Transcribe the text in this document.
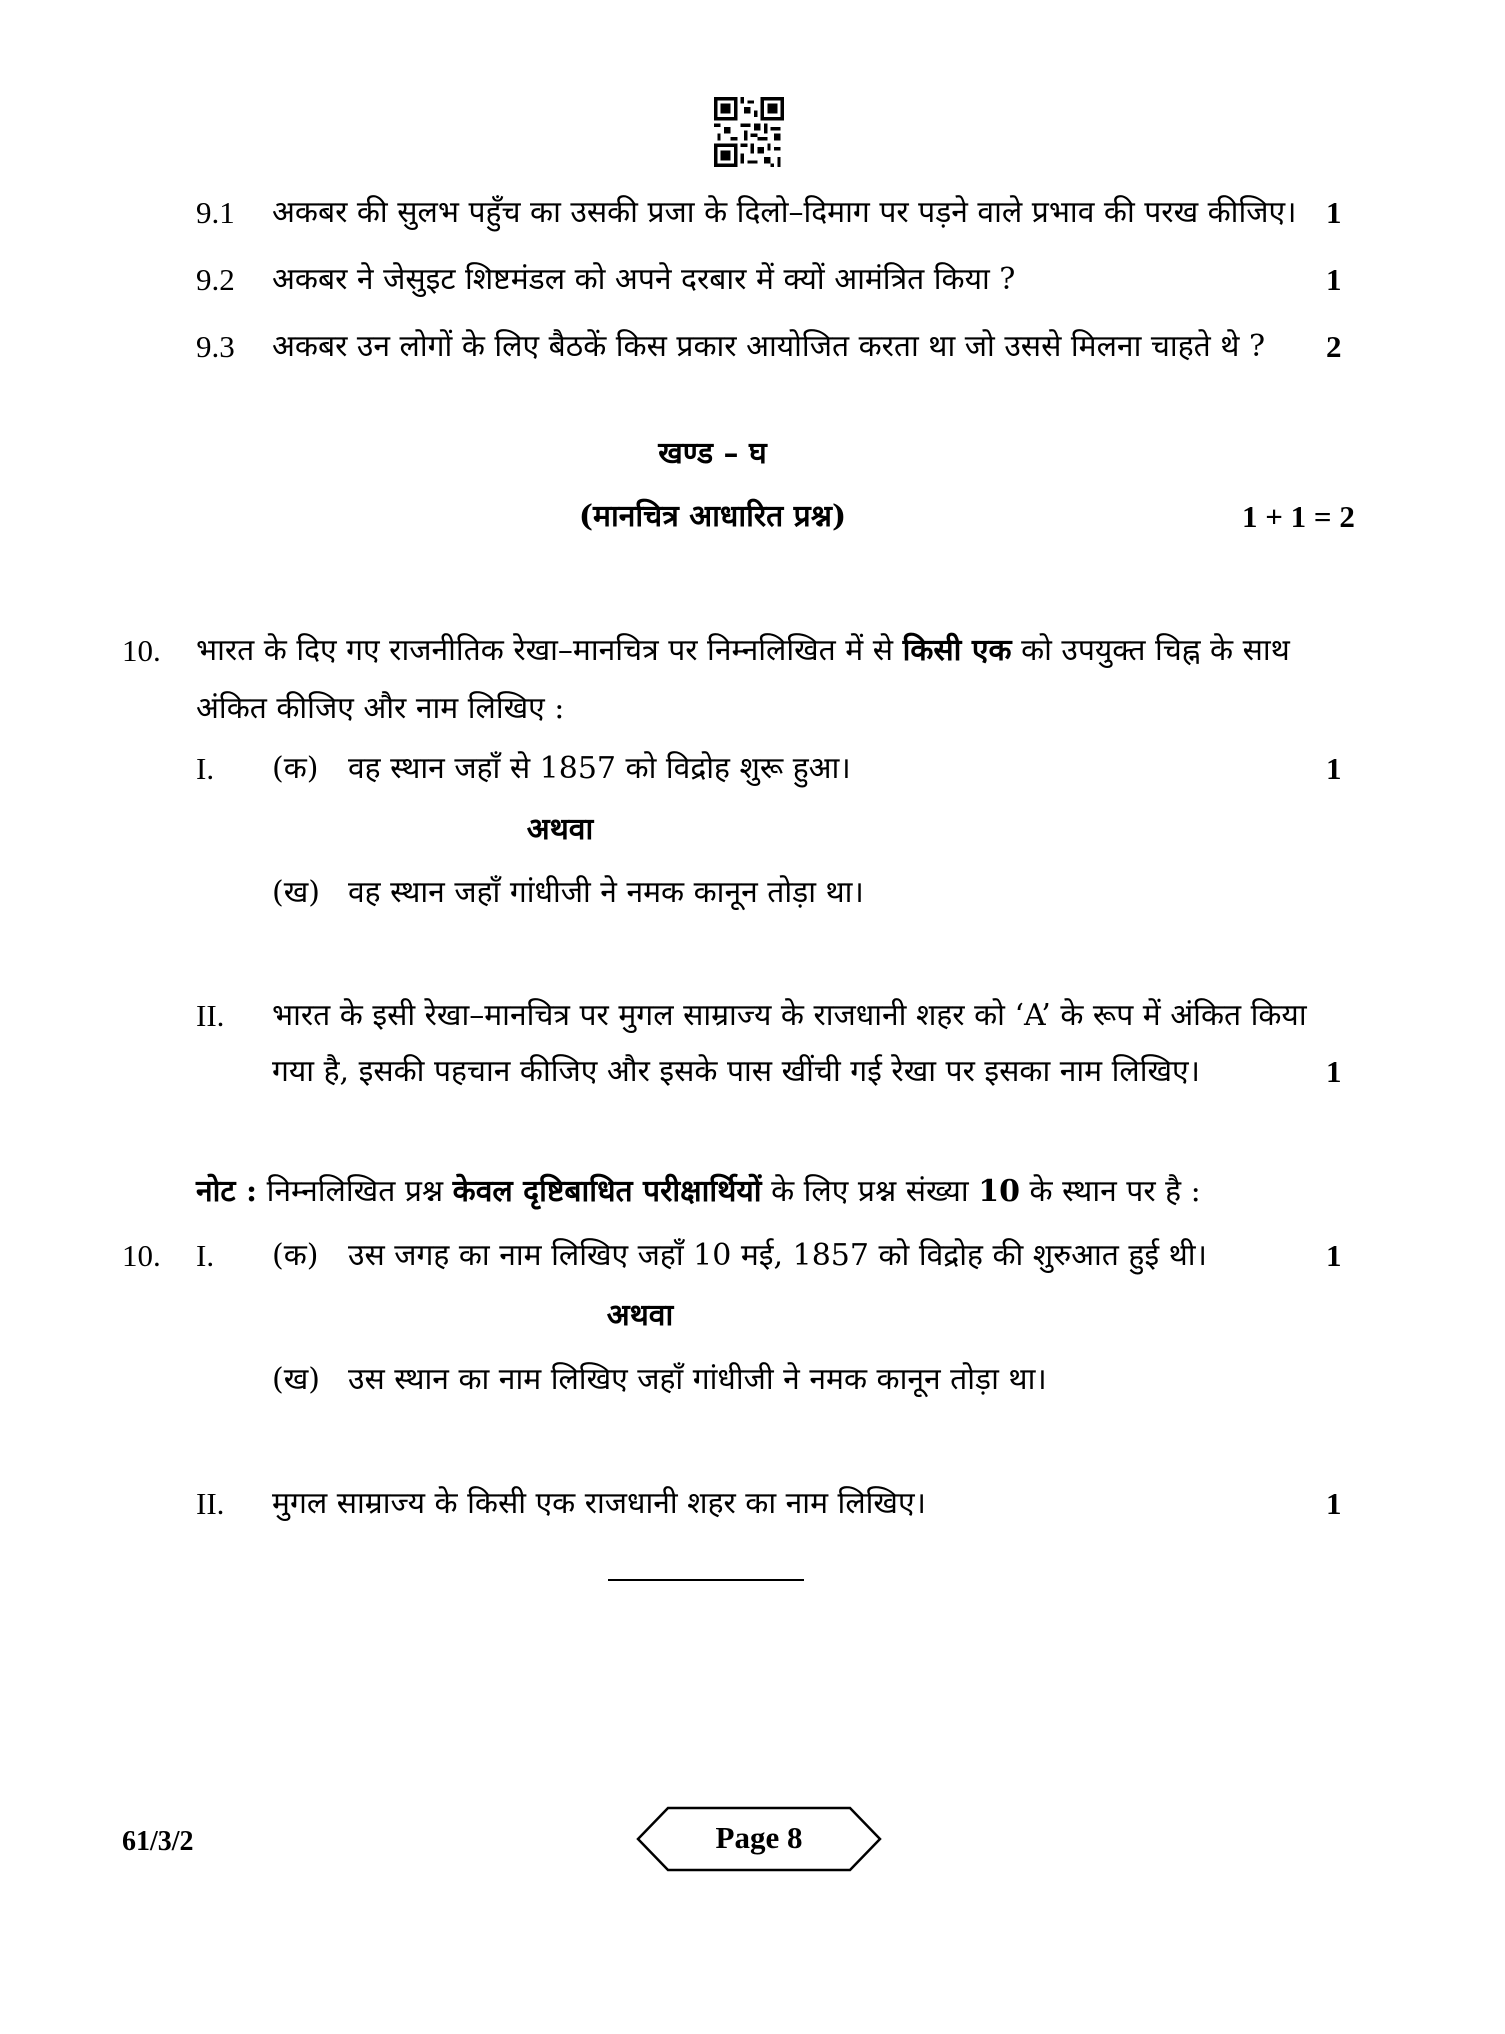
9.1 अकबर की सुलभ पहुँच का उसकी प्रजा के दिलो–दिमाग पर पड़ने वाले प्रभाव की परख कीजिए। 1
9.2 अकबर ने जेसुइट शिष्टमंडल को अपने दरबार में क्यों आमंत्रित किया ?	1
9.3 अकबर उन लोगों के लिए बैठकें किस प्रकार आयोजित करता था जो उससे मिलना चाहते थे ? 2
खण्ड – घ
(मानचित्र आधारित प्रश्न)	1 + 1 = 2
10. भारत के दिए गए राजनीतिक रेखा–मानचित्र पर निम्नलिखित में से किसी एक को उपयुक्त चिह्न के साथ
अंकित कीजिए और नाम लिखिए :
I. (क) वह स्थान जहाँ से 1857 को विद्रोह शुरू हुआ।	1
अथवा
(ख) वह स्थान जहाँ गांधीजी ने नमक कानून तोड़ा था।
II. भारत के इसी रेखा–मानचित्र पर मुगल साम्राज्य के राजधानी शहर को ‘A’ के रूप में अंकित किया
गया है, इसकी पहचान कीजिए और इसके पास खींची गई रेखा पर इसका नाम लिखिए।	1
नोट : निम्नलिखित प्रश्न केवल दृष्टिबाधित परीक्षार्थियों के लिए प्रश्न संख्या 10 के स्थान पर है :
10. I. (क) उस जगह का नाम लिखिए जहाँ 10 मई, 1857 को विद्रोह की शुरुआत हुई थी।	1
अथवा
(ख) उस स्थान का नाम लिखिए जहाँ गांधीजी ने नमक कानून तोड़ा था।
II. मुगल साम्राज्य के किसी एक राजधानी शहर का नाम लिखिए।	1
61/3/2	Page 8
